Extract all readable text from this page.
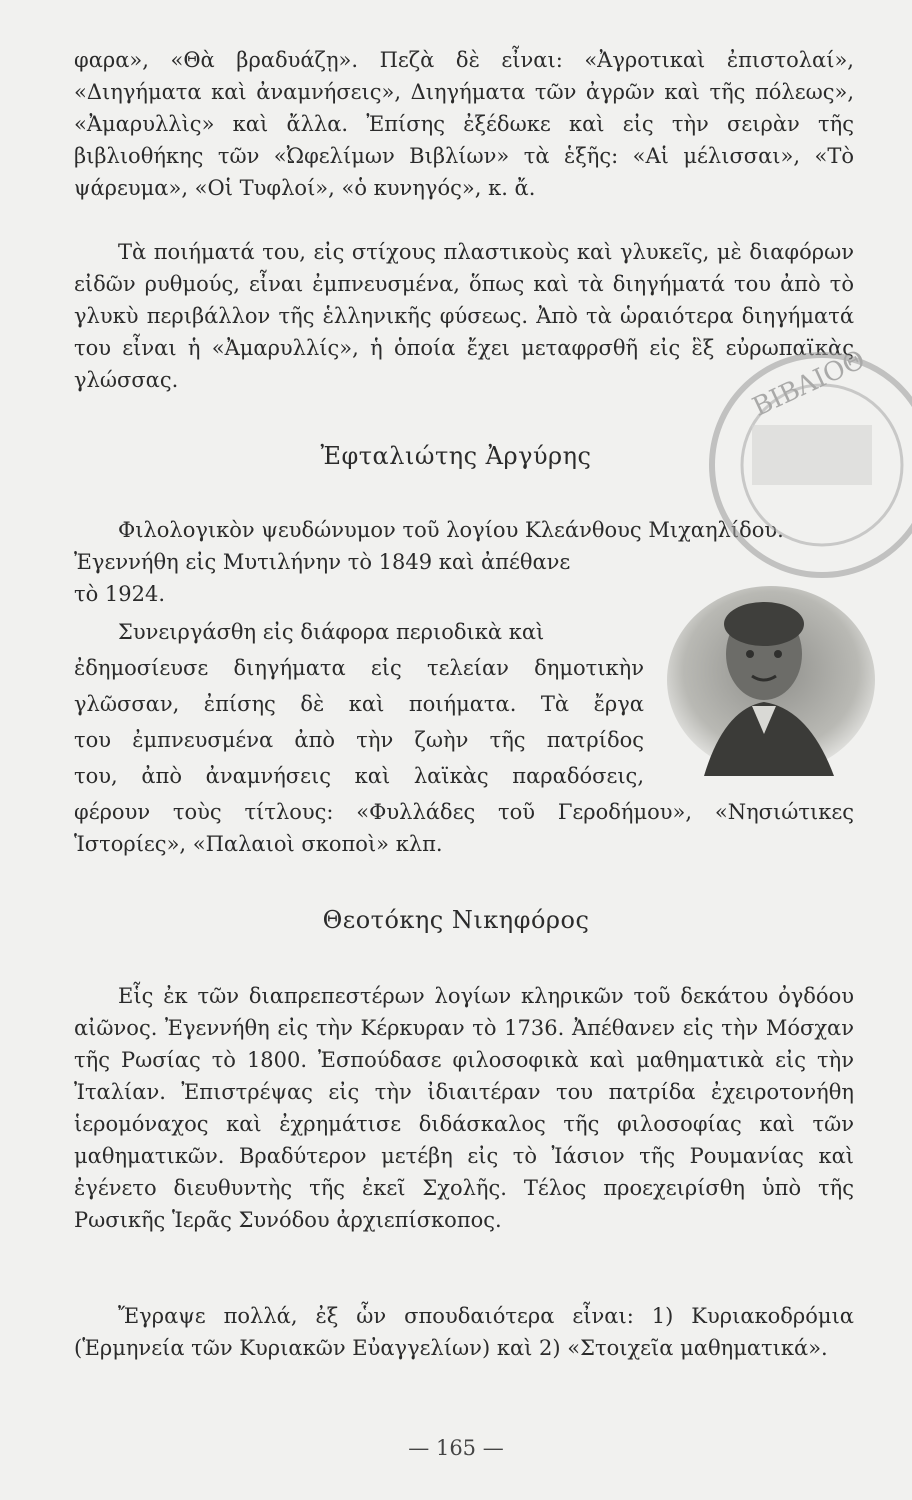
φαρα», «Θὰ βραδυάζῃ». Πεζὰ δὲ εἶναι: «Ἀγροτικαὶ ἐπιστολαί», «Διηγήματα καὶ ἀναμνήσεις», Διηγήματα τῶν ἀγρῶν καὶ τῆς πόλεως», «Ἀμαρυλλὶς» καὶ ἄλλα. Ἐπίσης ἐξέδωκε καὶ εἰς τὴν σειρὰν τῆς βιβλιοθήκης τῶν «Ὠφελίμων Βιβλίων» τὰ ἑξῆς: «Αἱ μέλισσαι», «Τὸ ψάρευμα», «Οἱ Τυφλοί», «ὁ κυνηγός», κ. ἄ.

Τὰ ποιήματά του, εἰς στίχους πλαστικοὺς καὶ γλυκεῖς, μὲ διαφόρων εἰδῶν ρυθμούς, εἶναι ἐμπνευσμένα, ὅπως καὶ τὰ διηγήματά του ἀπὸ τὸ γλυκὺ περιβάλλον τῆς ἑλληνικῆς φύσεως. Ἀπὸ τὰ ὡραιότερα διηγήματά του εἶναι ἡ «Ἀμαρυλλίς», ἡ ὁποία ἔχει μεταφρσθῆ εἰς ἓξ εὐρωπαϊκὰς γλώσσας.

Ἐφταλιώτης Ἀργύρης

Φιλολογικὸν ψευδώνυμον τοῦ λογίου Κλεάνθους Μιχαηλίδου.

Ἐγεννήθη εἰς Μυτιλήνην τὸ 1849 καὶ ἀπέθανε

τὸ 1924.

Συνειργάσθη εἰς διάφορα περιοδικὰ καὶ

ἐδημοσίευσε διηγήματα εἰς τελείαν δημοτικὴν

γλῶσσαν, ἐπίσης δὲ καὶ ποιήματα. Τὰ ἔργα

του ἐμπνευσμένα ἀπὸ τὴν ζωὴν τῆς πατρίδος

του, ἀπὸ ἀναμνήσεις καὶ λαϊκὰς παραδόσεις,

φέρουν τοὺς τίτλους: «Φυλλάδες τοῦ Γεροδήμου», «Νησιώτικες Ἱστορίες», «Παλαιοὶ σκοποὶ» κλπ.

ΒΙΒΛΙΟΘ
Θεοτόκης Νικηφόρος

Εἷς ἐκ τῶν διαπρεπεστέρων λογίων κληρικῶν τοῦ δεκάτου ὀγδόου αἰῶνος. Ἐγεννήθη εἰς τὴν Κέρκυραν τὸ 1736. Ἀπέθανεν εἰς τὴν Μόσχαν τῆς Ρωσίας τὸ 1800. Ἐσπούδασε φιλοσοφικὰ καὶ μαθηματικὰ εἰς τὴν Ἰταλίαν. Ἐπιστρέψας εἰς τὴν ἰδιαιτέραν του πατρίδα ἐχειροτονήθη ἱερομόναχος καὶ ἐχρημάτισε διδάσκαλος τῆς φιλοσοφίας καὶ τῶν μαθηματικῶν. Βραδύτερον μετέβη εἰς τὸ Ἰάσιον τῆς Ρουμανίας καὶ ἐγένετο διευθυντὴς τῆς ἐκεῖ Σχολῆς. Τέλος προεχειρίσθη ὑπὸ τῆς Ρωσικῆς Ἱερᾶς Συνόδου ἀρχιεπίσκοπος.

Ἔγραψε πολλά, ἐξ ὧν σπουδαιότερα εἶναι: 1) Κυριακοδρόμια (Ἑρμηνεία τῶν Κυριακῶν Εὐαγγελίων) καὶ 2) «Στοιχεῖα μαθηματικά».

— 165 —
